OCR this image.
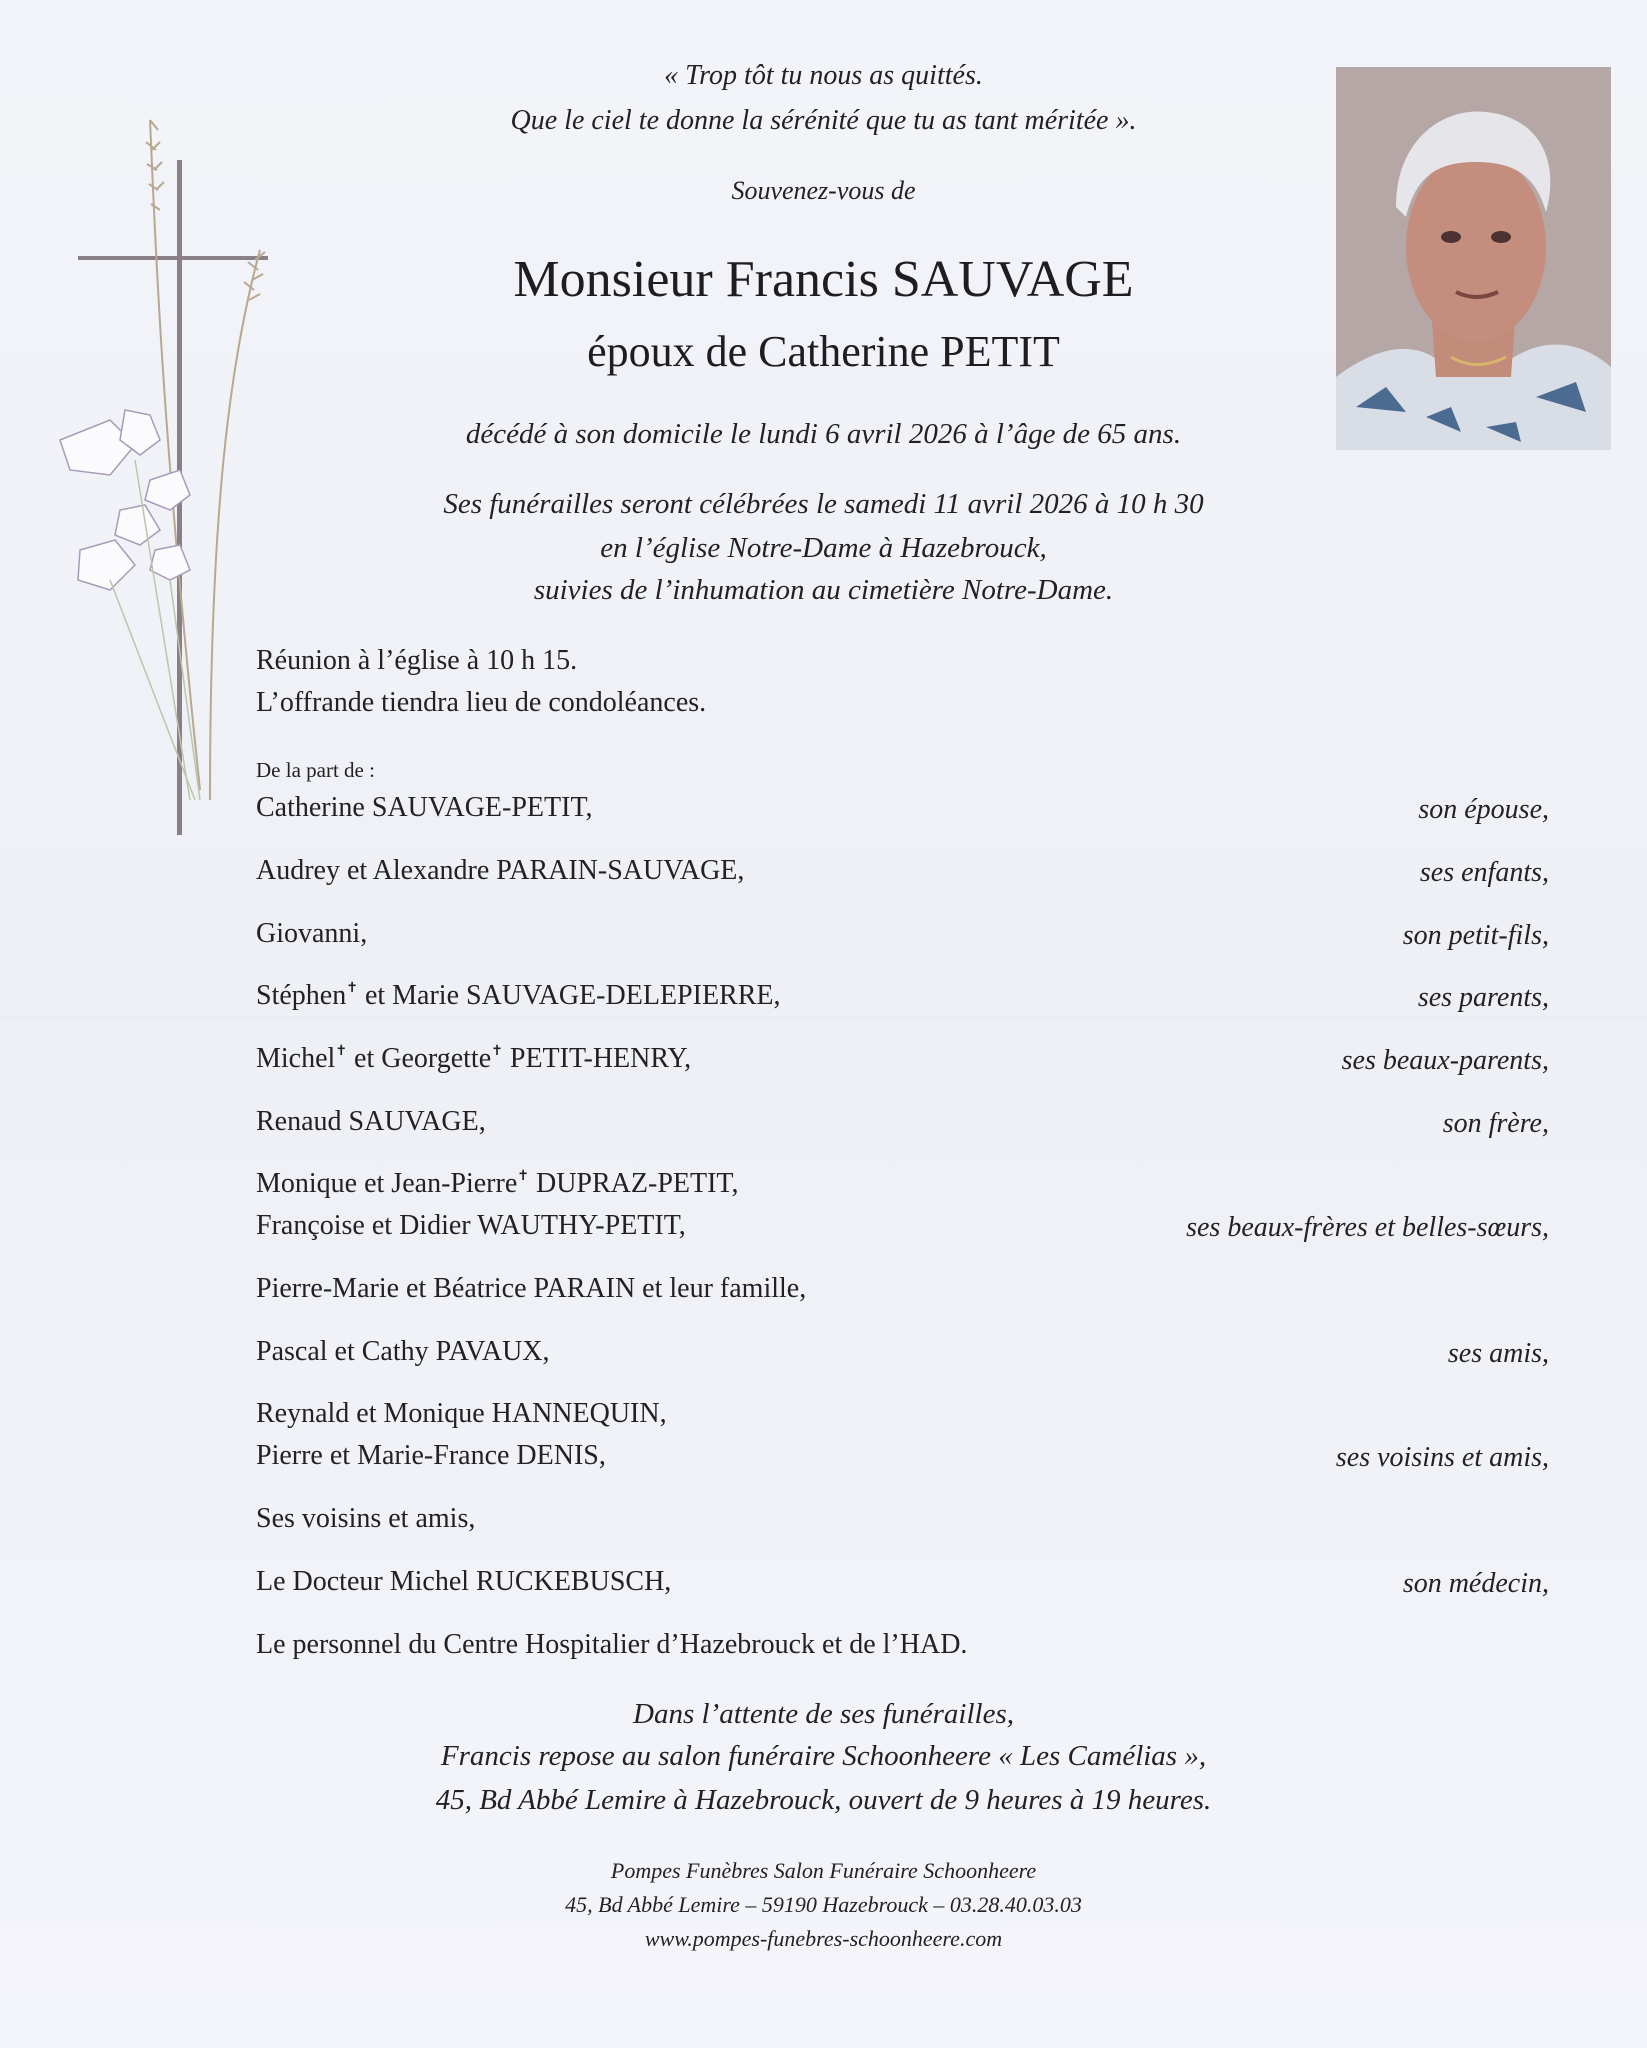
« Trop tôt tu nous as quittés.
Que le ciel te donne la sérénité que tu as tant méritée ».
Souvenez-vous de
Monsieur Francis SAUVAGE
époux de Catherine PETIT
décédé à son domicile le lundi 6 avril 2026 à l’âge de 65 ans.
Ses funérailles seront célébrées le samedi 11 avril 2026 à 10 h 30
en l’église Notre-Dame à Hazebrouck,
suivies de l’inhumation au cimetière Notre-Dame.
Réunion à l’église à 10 h 15.
L’offrande tiendra lieu de condoléances.
De la part de :
Catherine SAUVAGE-PETIT,	son épouse,
Audrey et Alexandre PARAIN-SAUVAGE,	ses enfants,
Giovanni,	son petit-fils,
Stéphen✝ et Marie SAUVAGE-DELEPIERRE,	ses parents,
Michel✝ et Georgette✝ PETIT-HENRY,	ses beaux-parents,
Renaud SAUVAGE,	son frère,
Monique et Jean-Pierre✝ DUPRAZ-PETIT,
Françoise et Didier WAUTHY-PETIT,	ses beaux-frères et belles-sœurs,
Pierre-Marie et Béatrice PARAIN et leur famille,
Pascal et Cathy PAVAUX,	ses amis,
Reynald et Monique HANNEQUIN,
Pierre et Marie-France DENIS,	ses voisins et amis,
Ses voisins et amis,
Le Docteur Michel RUCKEBUSCH,	son médecin,
Le personnel du Centre Hospitalier d’Hazebrouck et de l’HAD.
Dans l’attente de ses funérailles,
Francis repose au salon funéraire Schoonheere « Les Camélias »,
45, Bd Abbé Lemire à Hazebrouck, ouvert de 9 heures à 19 heures.
Pompes Funèbres Salon Funéraire Schoonheere
45, Bd Abbé Lemire – 59190 Hazebrouck – 03.28.40.03.03
www.pompes-funebres-schoonheere.com
